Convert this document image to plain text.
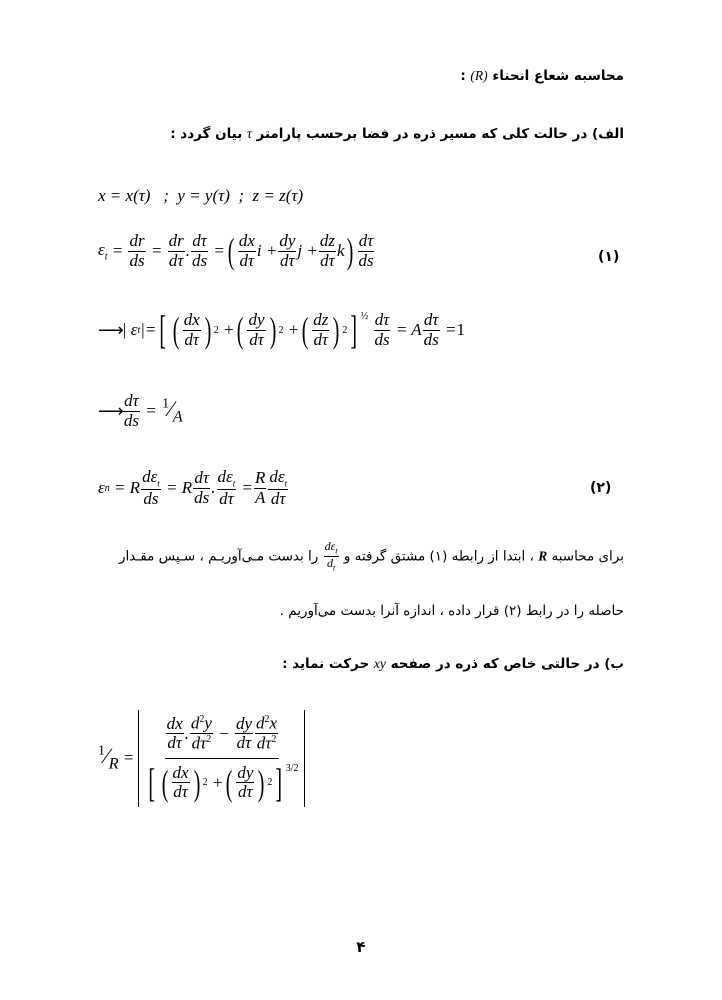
محاسبه شعاع انحناء (R) :
الف) در حالت کلی که مسیر ذره در فضا برحسب پارامتر τ بیان گردد :
x = x(τ)   ;  y = y(τ)  ;  z = z(τ)
$\varepsilon_t$ =
dr
ds =
dr
dτ .
dτ
ds = ( dx
dτ i +
dy
dτ j +
dz
dτ k ) dτ
ds	(۱)
⟶ | ε t |= [ ( dx
dτ ) 2 + ( dy
dτ ) 2 + ( dz
dτ ) 2 ] $^{\frac{1}{2}}$
dτ
ds = A
dτ
ds = 1
⟶
dτ
ds = $^1⁄_A$
ε n = R
$d\varepsilon_t$
ds
= R
dτ
ds .
$d\varepsilon_t$
dτ
=
R
A
$d\varepsilon_t$
dτ
(۲)
برای محاسبه R ، ابتدا از رابطه (۱) مشتق گرفته و
$d\varepsilon_t$
$d_t$
را بدست مـی‌آوریـم ، سـپس مقـدار
حاصله را در رابط (۲) قرار داده ، اندازه آنرا بدست می‌آوریم .
ب) در حالتی خاص که ذره در صفحه xy حرکت نماید :
$^1⁄_R$ =
dx
dτ .
$d^2y$
$d\tau^2$ −
dy
dτ
$d^2x$
$d\tau^2$
[ ( dx
dτ ) 2 + ( dy
dτ ) 2 ] $^{3/2}$
۴
